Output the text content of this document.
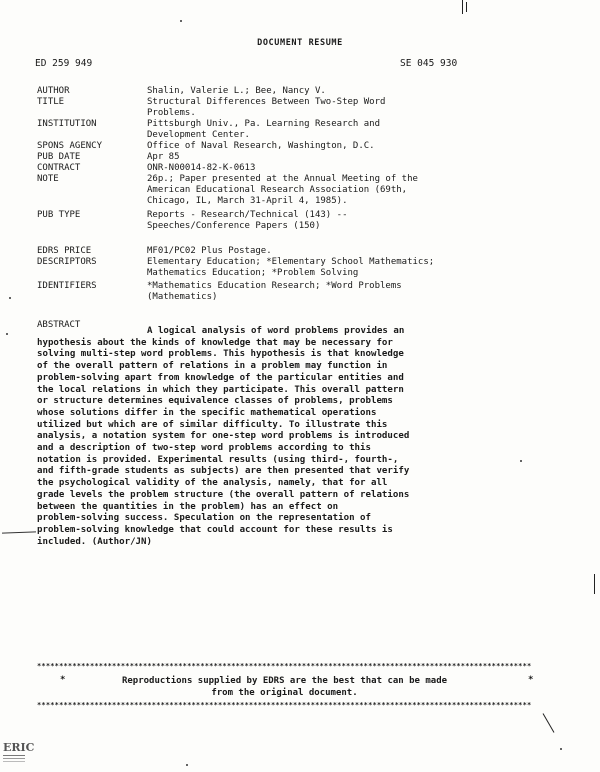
DOCUMENT RESUME
ED 259 949	SE 045 930
AUTHOR	Shalin, Valerie L.; Bee, Nancy V.
TITLE	Structural Differences Between Two-Step Word
Problems.
INSTITUTION	Pittsburgh Univ., Pa. Learning Research and
Development Center.
SPONS AGENCY	Office of Naval Research, Washington, D.C.
PUB DATE	Apr 85
CONTRACT	ONR-N00014-82-K-0613
NOTE	26p.; Paper presented at the Annual Meeting of the
American Educational Research Association (69th,
Chicago, IL, March 31-April 4, 1985).
PUB TYPE	Reports - Research/Technical (143) --
Speeches/Conference Papers (150)
EDRS PRICE	MF01/PC02 Plus Postage.
DESCRIPTORS	Elementary Education; *Elementary School Mathematics;
Mathematics Education; *Problem Solving
IDENTIFIERS	*Mathematics Education Research; *Word Problems
(Mathematics)
ABSTRACT
A logical analysis of word problems provides an
hypothesis about the kinds of knowledge that may be necessary for
solving multi-step word problems. This hypothesis is that knowledge
of the overall pattern of relations in a problem may function in
problem-solving apart from knowledge of the particular entities and
the local relations in which they participate. This overall pattern
or structure determines equivalence classes of problems, problems
whose solutions differ in the specific mathematical operations
utilized but which are of similar difficulty. To illustrate this
analysis, a notation system for one-step word problems is introduced
and a description of two-step word problems according to this
notation is provided. Experimental results (using third-, fourth-,
and fifth-grade students as subjects) are then presented that verify
the psychological validity of the analysis, namely, that for all
grade levels the problem structure (the overall pattern of relations
between the quantities in the problem) has an effect on
problem-solving success. Speculation on the representation of
problem-solving knowledge that could account for these results is
included. (Author/JN)
****************************************************************************************************************
*	*
Reproductions supplied by EDRS are the best that can be made
from the original document.
****************************************************************************************************************
ERIC
